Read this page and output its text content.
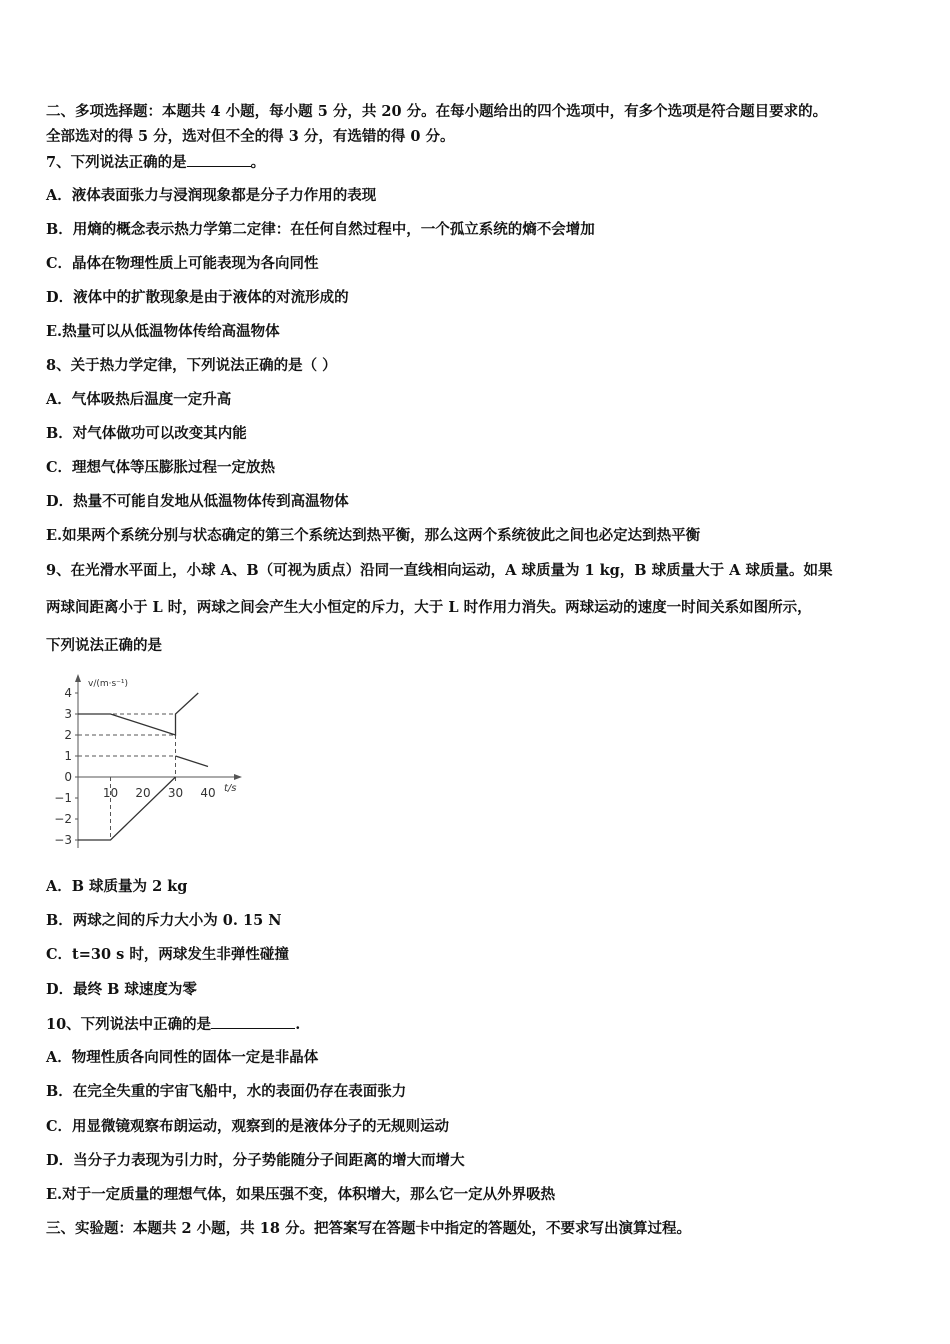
二、多项选择题：本题共 4 小题，每小题 5 分，共 20 分。在每小题给出的四个选项中，有多个选项是符合题目要求的。
全部选对的得 5 分，选对但不全的得 3 分，有选错的得 0 分。
7、下列说法正确的是	。
A．液体表面张力与浸润现象都是分子力作用的表现
B．用熵的概念表示热力学第二定律：在任何自然过程中，一个孤立系统的熵不会增加
C．晶体在物理性质上可能表现为各向同性
D．液体中的扩散现象是由于液体的对流形成的
E.热量可以从低温物体传给高温物体
8、关于热力学定律，下列说法正确的是（ ）
A．气体吸热后温度一定升高
B．对气体做功可以改变其内能
C．理想气体等压膨胀过程一定放热
D．热量不可能自发地从低温物体传到高温物体
E.如果两个系统分别与状态确定的第三个系统达到热平衡，那么这两个系统彼此之间也必定达到热平衡
9、在光滑水平面上，小球 A、B（可视为质点）沿同一直线相向运动，A 球质量为 1 kg，B 球质量大于 A 球质量。如果
两球间距离小于 L 时，两球之间会产生大小恒定的斥力，大于 L 时作用力消失。两球运动的速度一时间关系如图所示，
下列说法正确的是
v/(m·s⁻¹)
t/s
4
3
2
1
0
−1
−2
−3
10 20 30 40
A．B 球质量为 2 kg
B．两球之间的斥力大小为 0. 15 N
C．t=30 s 时，两球发生非弹性碰撞
D．最终 B 球速度为零
10、下列说法中正确的是	.
A．物理性质各向同性的固体一定是非晶体
B．在完全失重的宇宙飞船中，水的表面仍存在表面张力
C．用显微镜观察布朗运动，观察到的是液体分子的无规则运动
D．当分子力表现为引力时，分子势能随分子间距离的增大而增大
E.对于一定质量的理想气体，如果压强不变，体积增大，那么它一定从外界吸热
三、实验题：本题共 2 小题，共 18 分。把答案写在答题卡中指定的答题处，不要求写出演算过程。
